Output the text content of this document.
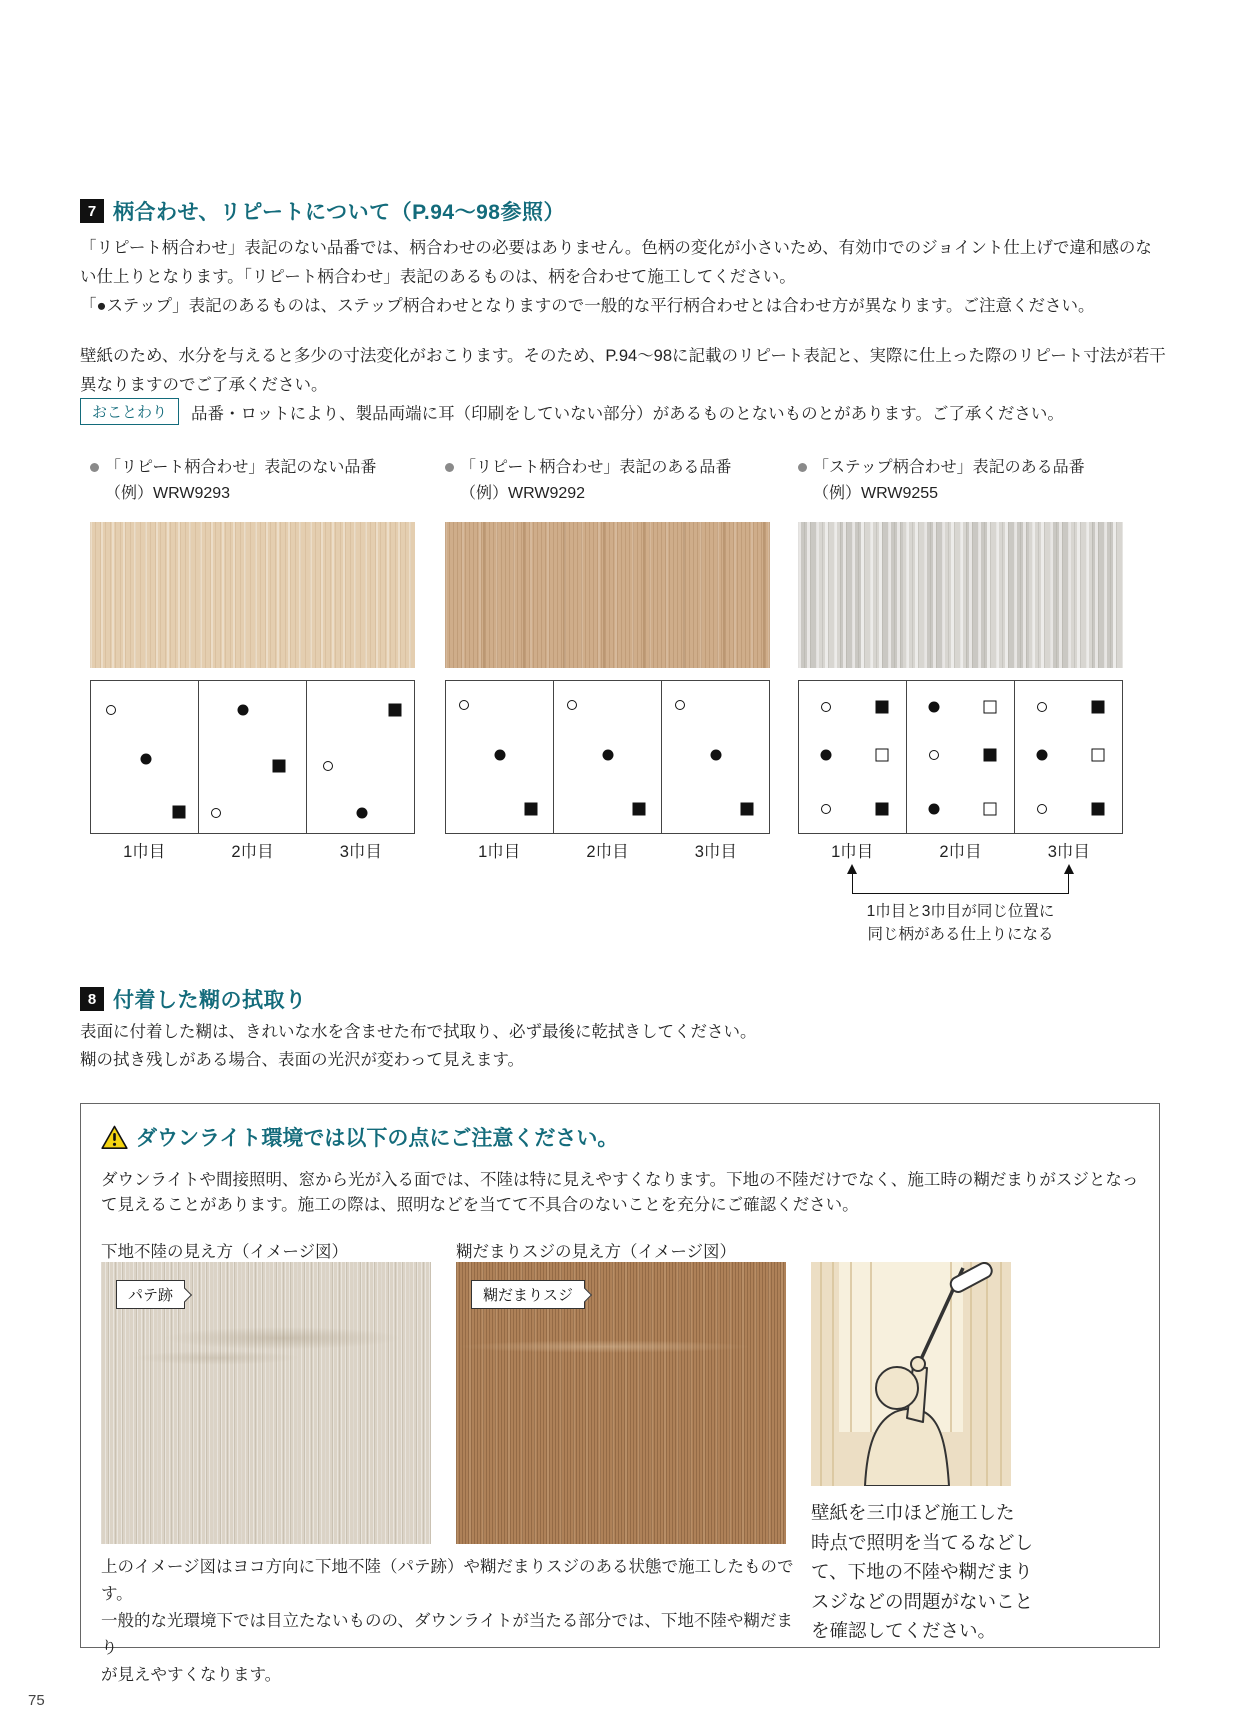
7 柄合わせ、リピートについて（P.94〜98参照）
「リピート柄合わせ」表記のない品番では、柄合わせの必要はありません。色柄の変化が小さいため、有効巾でのジョイント仕上げで違和感のない仕上りとなります。「リピート柄合わせ」表記のあるものは、柄を合わせて施工してください。
「●ステップ」表記のあるものは、ステップ柄合わせとなりますので一般的な平行柄合わせとは合わせ方が異なります。ご注意ください。
壁紙のため、水分を与えると多少の寸法変化がおこります。そのため、P.94〜98に記載のリピート表記と、実際に仕上った際のリピート寸法が若干異なりますのでご了承ください。
おことわり	品番・ロットにより、製品両端に耳（印刷をしていない部分）があるものとないものとがあります。ご了承ください。
「リピート柄合わせ」表記のない品番
（例）WRW9293
1巾目	2巾目	3巾目
「リピート柄合わせ」表記のある品番
（例）WRW9292
1巾目	2巾目	3巾目
「ステップ柄合わせ」表記のある品番
（例）WRW9255
1巾目	2巾目	3巾目
1巾目と3巾目が同じ位置に
同じ柄がある仕上りになる
8 付着した糊の拭取り
表面に付着した糊は、きれいな水を含ませた布で拭取り、必ず最後に乾拭きしてください。
糊の拭き残しがある場合、表面の光沢が変わって見えます。
ダウンライト環境では以下の点にご注意ください。
ダウンライトや間接照明、窓から光が入る面では、不陸は特に見えやすくなります。下地の不陸だけでなく、施工時の糊だまりがスジとなって見えることがあります。施工の際は、照明などを当てて不具合のないことを充分にご確認ください。
下地不陸の見え方（イメージ図）	糊だまりスジの見え方（イメージ図）
パテ跡	糊だまりスジ
上のイメージ図はヨコ方向に下地不陸（パテ跡）や糊だまりスジのある状態で施工したものです。
一般的な光環境下では目立たないものの、ダウンライトが当たる部分では、下地不陸や糊だまり
が見えやすくなります。
壁紙を三巾ほど施工した
時点で照明を当てるなどし
て、下地の不陸や糊だまり
スジなどの問題がないこと
を確認してください。
75
